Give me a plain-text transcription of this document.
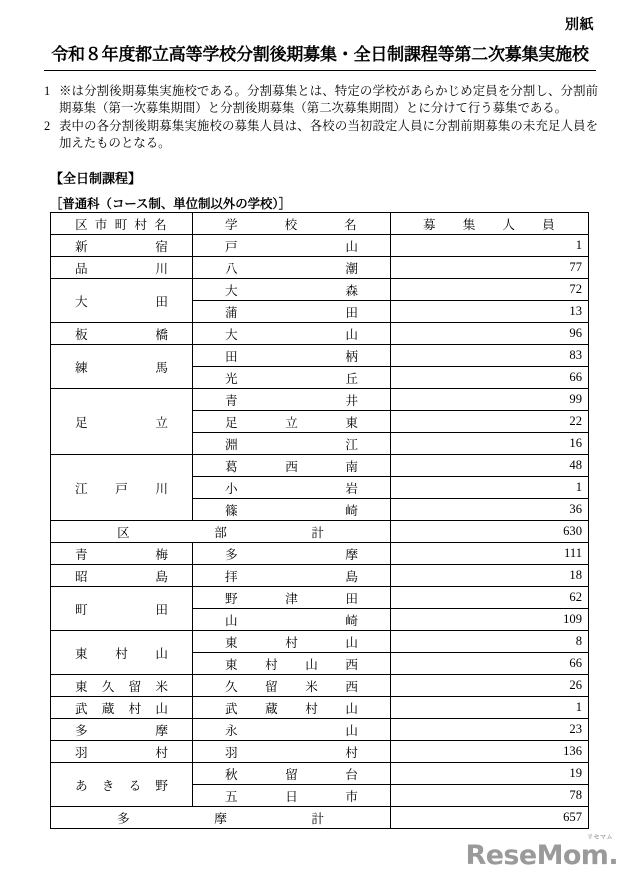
別紙
令和８年度都立高等学校分割後期募集・全日制課程等第二次募集実施校
1 ※は分割後期募集実施校である。分割募集とは、特定の学校があらかじめ定員を分割し、分割前期募集（第一次募集期間）と分割後期募集（第二次募集期間）とに分けて行う募集である。
2 表中の各分割後期募集実施校の募集人員は、各校の当初設定人員に分割前期募集の未充足人員を加えたものとなる。
【全日制課程】
［普通科（コース制、単位制以外の学校）］
区市町村名	学校名	募集人員

新宿	戸山	1

品川	八潮	77

大田	大森	72

	蒲田	13

板橋	大山	96

練馬	田柄	83

	光丘	66

足立	青井	99

	足立東	22

	淵江	16

江戸川	葛西南	48

	小岩	1

	篠崎	36

区部計		630

青梅	多摩	111

昭島	拝島	18

町田	野津田	62

	山崎	109

東村山	東村山	8

	東村山西	66

東久留米	久留米西	26

武蔵村山	武蔵村山	1

多摩	永山	23

羽村	羽村	136

あきる野	秋留台	19

	五日市	78

多摩計		657
リセマム
ReseMom.
